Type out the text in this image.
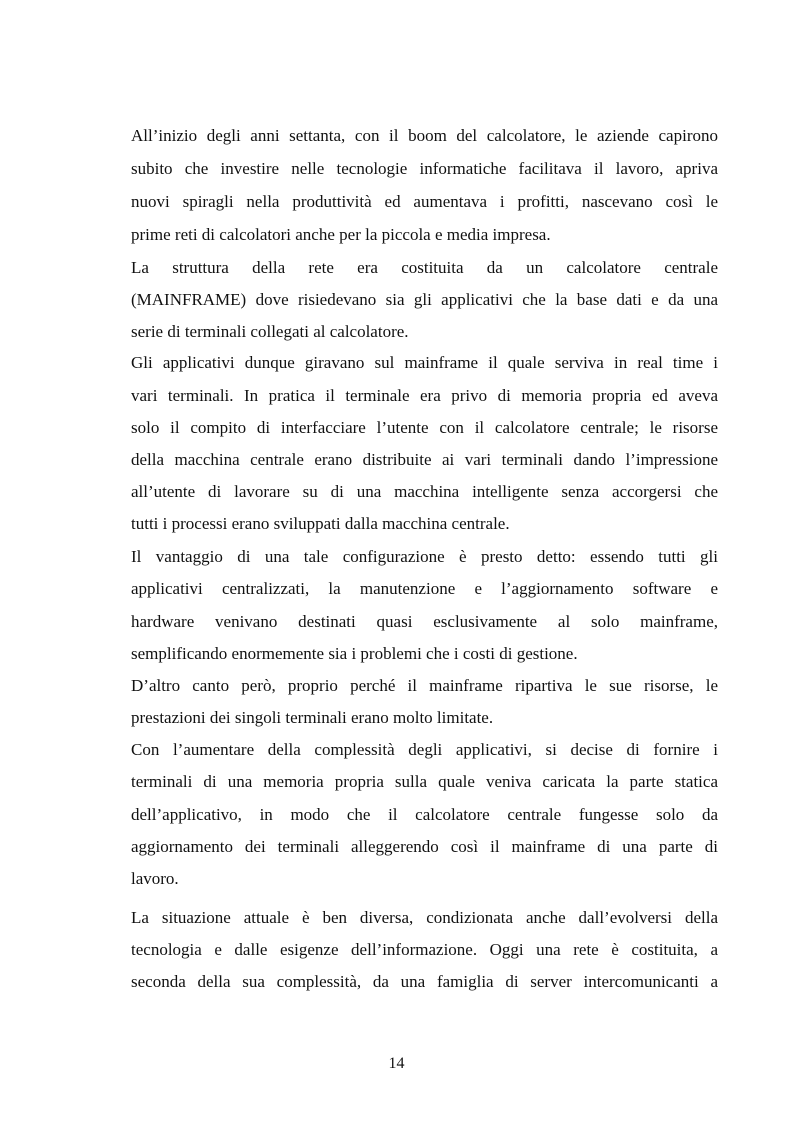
All’inizio degli anni settanta, con il boom del calcolatore, le aziende capirono
subito che investire nelle tecnologie informatiche facilitava il lavoro, apriva
nuovi spiragli nella produttività ed aumentava i profitti, nascevano così le
prime reti di calcolatori anche per la piccola e media impresa.
La struttura della rete era costituita da un calcolatore centrale
(MAINFRAME) dove risiedevano sia gli applicativi che la base dati e da una
serie di terminali collegati al calcolatore.
Gli applicativi dunque giravano sul mainframe il quale serviva in real time i
vari terminali. In pratica il terminale era privo di memoria propria ed aveva
solo il compito di interfacciare l’utente con il calcolatore centrale; le risorse
della macchina centrale erano distribuite ai vari terminali dando l’impressione
all’utente di lavorare su di una macchina intelligente senza accorgersi che
tutti i processi erano sviluppati dalla macchina centrale.
Il vantaggio di una tale configurazione è presto detto: essendo tutti gli
applicativi centralizzati, la manutenzione e l’aggiornamento software e
hardware venivano destinati quasi esclusivamente al solo mainframe,
semplificando enormemente sia i problemi che i costi di gestione.
D’altro canto però, proprio perché il mainframe ripartiva le sue risorse, le
prestazioni dei singoli terminali erano molto limitate.
Con l’aumentare della complessità degli applicativi, si decise di fornire i
terminali di una memoria propria sulla quale veniva caricata la parte statica
dell’applicativo, in modo che il calcolatore centrale fungesse solo da
aggiornamento dei terminali alleggerendo così il mainframe di una parte di
lavoro.
La situazione attuale è ben diversa, condizionata anche dall’evolversi della
tecnologia e dalle esigenze dell’informazione. Oggi una rete è costituita, a
seconda della sua complessità, da una famiglia di server intercomunicanti a
14
